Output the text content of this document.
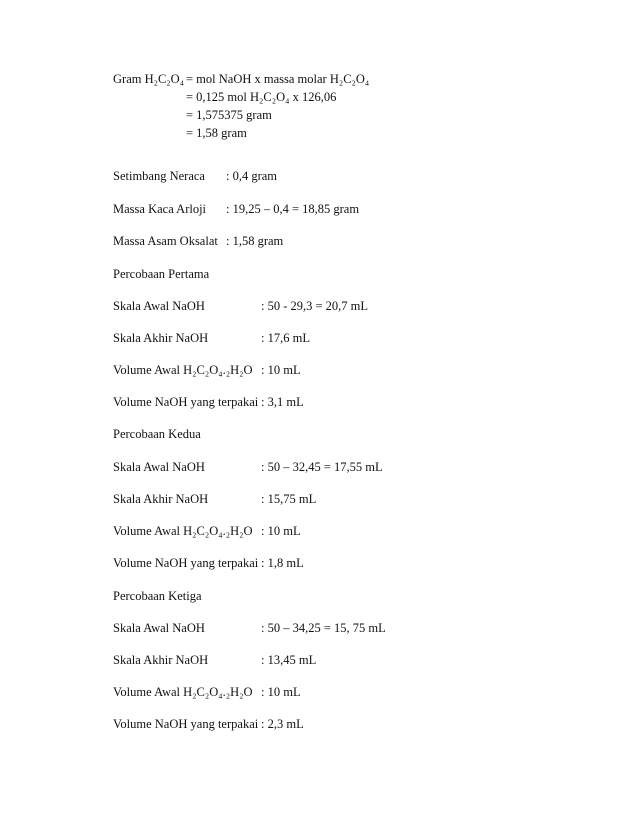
Gram H₂C₂O₄ = mol NaOH x massa molar H₂C₂O₄
= 0,125 mol H₂C₂O₄ x 126,06
= 1,575375 gram
= 1,58 gram
Setimbang Neraca : 0,4 gram
Massa Kaca Arloji : 19,25 – 0,4 = 18,85 gram
Massa Asam Oksalat : 1,58 gram
Percobaan Pertama
Skala Awal NaOH	: 50 - 29,3 = 20,7 mL
Skala Akhir NaOH	: 17,6 mL
Volume Awal H₂C₂O₄.₂H₂O : 10 mL
Volume NaOH yang terpakai : 3,1 mL
Percobaan Kedua
Skala Awal NaOH	: 50 – 32,45 = 17,55 mL
Skala Akhir NaOH	: 15,75 mL
Volume Awal H₂C₂O₄.₂H₂O : 10 mL
Volume NaOH yang terpakai : 1,8 mL
Percobaan Ketiga
Skala Awal NaOH	: 50 – 34,25 = 15, 75 mL
Skala Akhir NaOH	: 13,45 mL
Volume Awal H₂C₂O₄.₂H₂O : 10 mL
Volume NaOH yang terpakai : 2,3 mL
